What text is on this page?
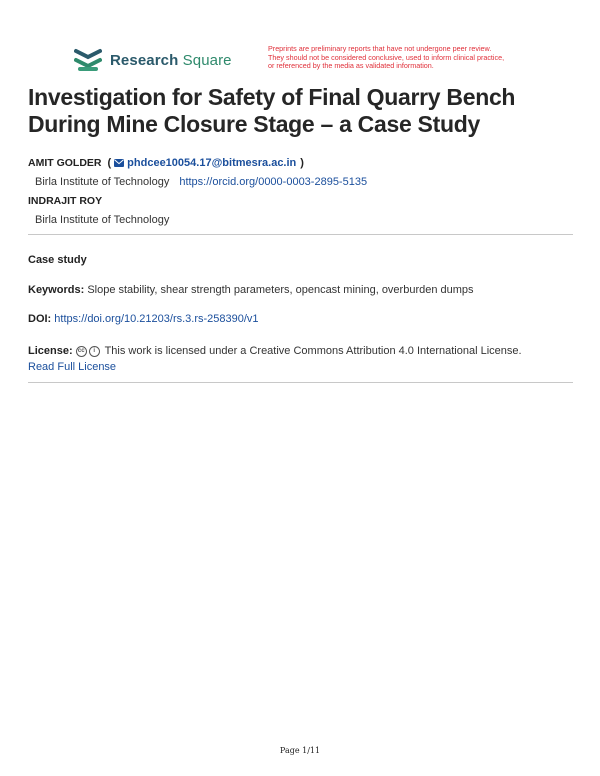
Research Square
Preprints are preliminary reports that have not undergone peer review.
They should not be considered conclusive, used to inform clinical practice,
or referenced by the media as validated information.
Investigation for Safety of Final Quarry Bench During Mine Closure Stage – a Case Study
AMIT GOLDER ( phdcee10054.17@bitmesra.ac.in )
Birla Institute of Technology https://orcid.org/0000-0003-2895-5135
INDRAJIT ROY
Birla Institute of Technology
Case study
Keywords: Slope stability, shear strength parameters, opencast mining, overburden dumps
DOI: https://doi.org/10.21203/rs.3.rs-258390/v1
License: cc i This work is licensed under a Creative Commons Attribution 4.0 International License.
Read Full License
Page 1/11
